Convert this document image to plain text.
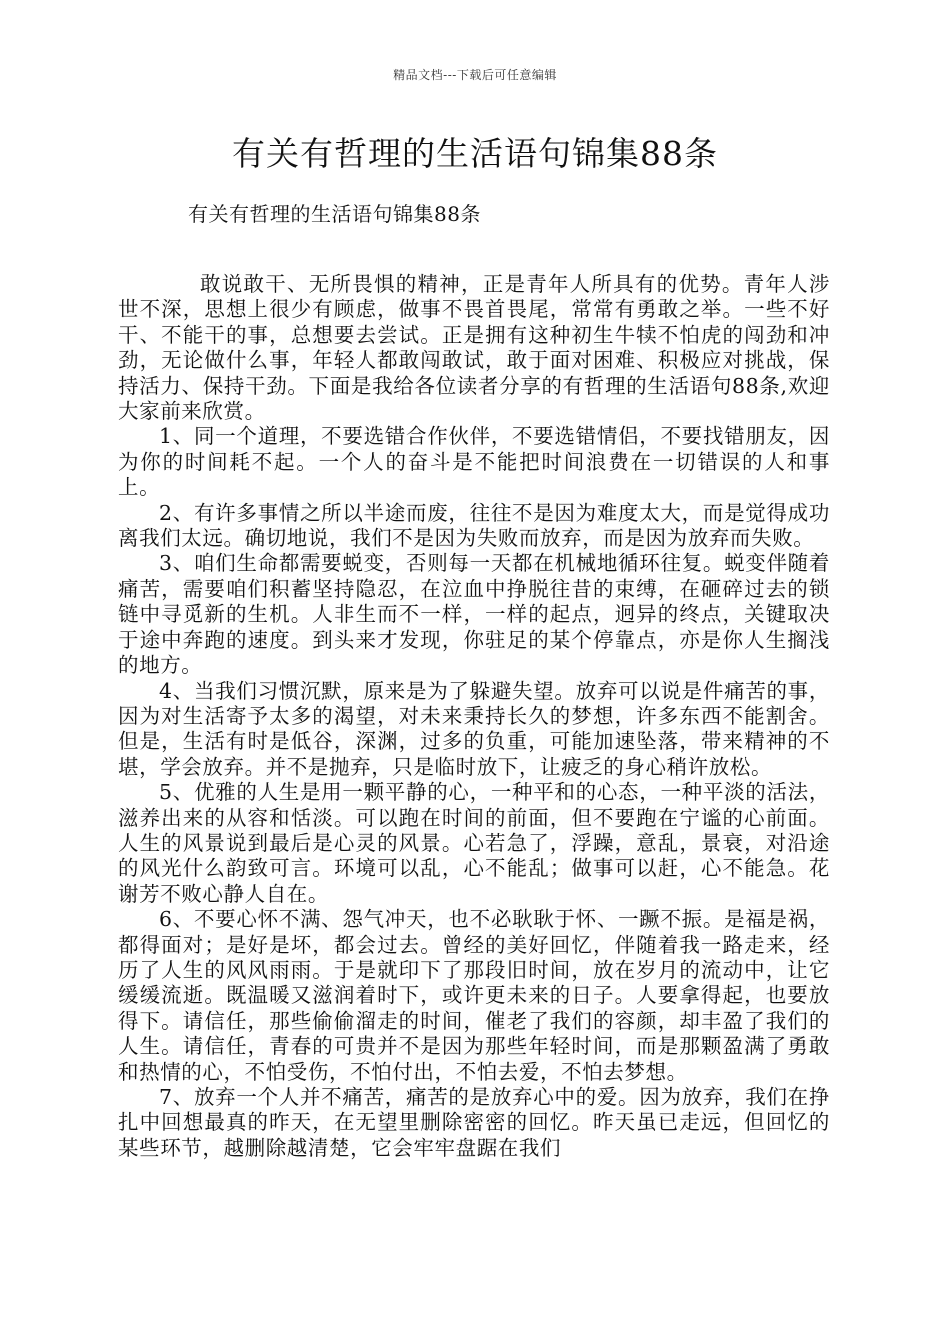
精品文档---下载后可任意编辑
有关有哲理的生活语句锦集88条
有关有哲理的生活语句锦集88条

敢说敢干、无所畏惧的精神，正是青年人所具有的优势。青年人涉世不深，思想上很少有顾虑，做事不畏首畏尾，常常有勇敢之举。一些不好干、不能干的事，总想要去尝试。正是拥有这种初生牛犊不怕虎的闯劲和冲劲，无论做什么事，年轻人都敢闯敢试，敢于面对困难、积极应对挑战，保持活力、保持干劲。下面是我给各位读者分享的有哲理的生活语句88条,欢迎大家前来欣赏。

1、同一个道理，不要选错合作伙伴，不要选错情侣，不要找错朋友，因为你的时间耗不起。一个人的奋斗是不能把时间浪费在一切错误的人和事上。

2、有许多事情之所以半途而废，往往不是因为难度太大，而是觉得成功离我们太远。确切地说，我们不是因为失败而放弃，而是因为放弃而失败。

3、咱们生命都需要蜕变，否则每一天都在机械地循环往复。蜕变伴随着痛苦，需要咱们积蓄坚持隐忍，在泣血中挣脱往昔的束缚，在砸碎过去的锁链中寻觅新的生机。人非生而不一样，一样的起点，迥异的终点，关键取决于途中奔跑的速度。到头来才发现，你驻足的某个停靠点，亦是你人生搁浅的地方。

4、当我们习惯沉默，原来是为了躲避失望。放弃可以说是件痛苦的事，因为对生活寄予太多的渴望，对未来秉持长久的梦想，许多东西不能割舍。但是，生活有时是低谷，深渊，过多的负重，可能加速坠落，带来精神的不堪，学会放弃。并不是抛弃，只是临时放下，让疲乏的身心稍许放松。

5、优雅的人生是用一颗平静的心，一种平和的心态，一种平淡的活法，滋养出来的从容和恬淡。可以跑在时间的前面，但不要跑在宁谧的心前面。人生的风景说到最后是心灵的风景。心若急了，浮躁，意乱，景衰，对沿途的风光什么韵致可言。环境可以乱，心不能乱；做事可以赶，心不能急。花谢芳不败心静人自在。

6、不要心怀不满、怨气冲天，也不必耿耿于怀、一蹶不振。是福是祸，都得面对；是好是坏，都会过去。曾经的美好回忆，伴随着我一路走来，经历了人生的风风雨雨。于是就印下了那段旧时间，放在岁月的流动中，让它缓缓流逝。既温暖又滋润着时下，或许更未来的日子。人要拿得起，也要放得下。请信任，那些偷偷溜走的时间，催老了我们的容颜，却丰盈了我们的人生。请信任，青春的可贵并不是因为那些年轻时间，而是那颗盈满了勇敢和热情的心，不怕受伤，不怕付出，不怕去爱，不怕去梦想。

7、放弃一个人并不痛苦，痛苦的是放弃心中的爱。因为放弃，我们在挣扎中回想最真的昨天，在无望里删除密密的回忆。昨天虽已走远，但回忆的某些环节，越删除越清楚，它会牢牢盘踞在我们
